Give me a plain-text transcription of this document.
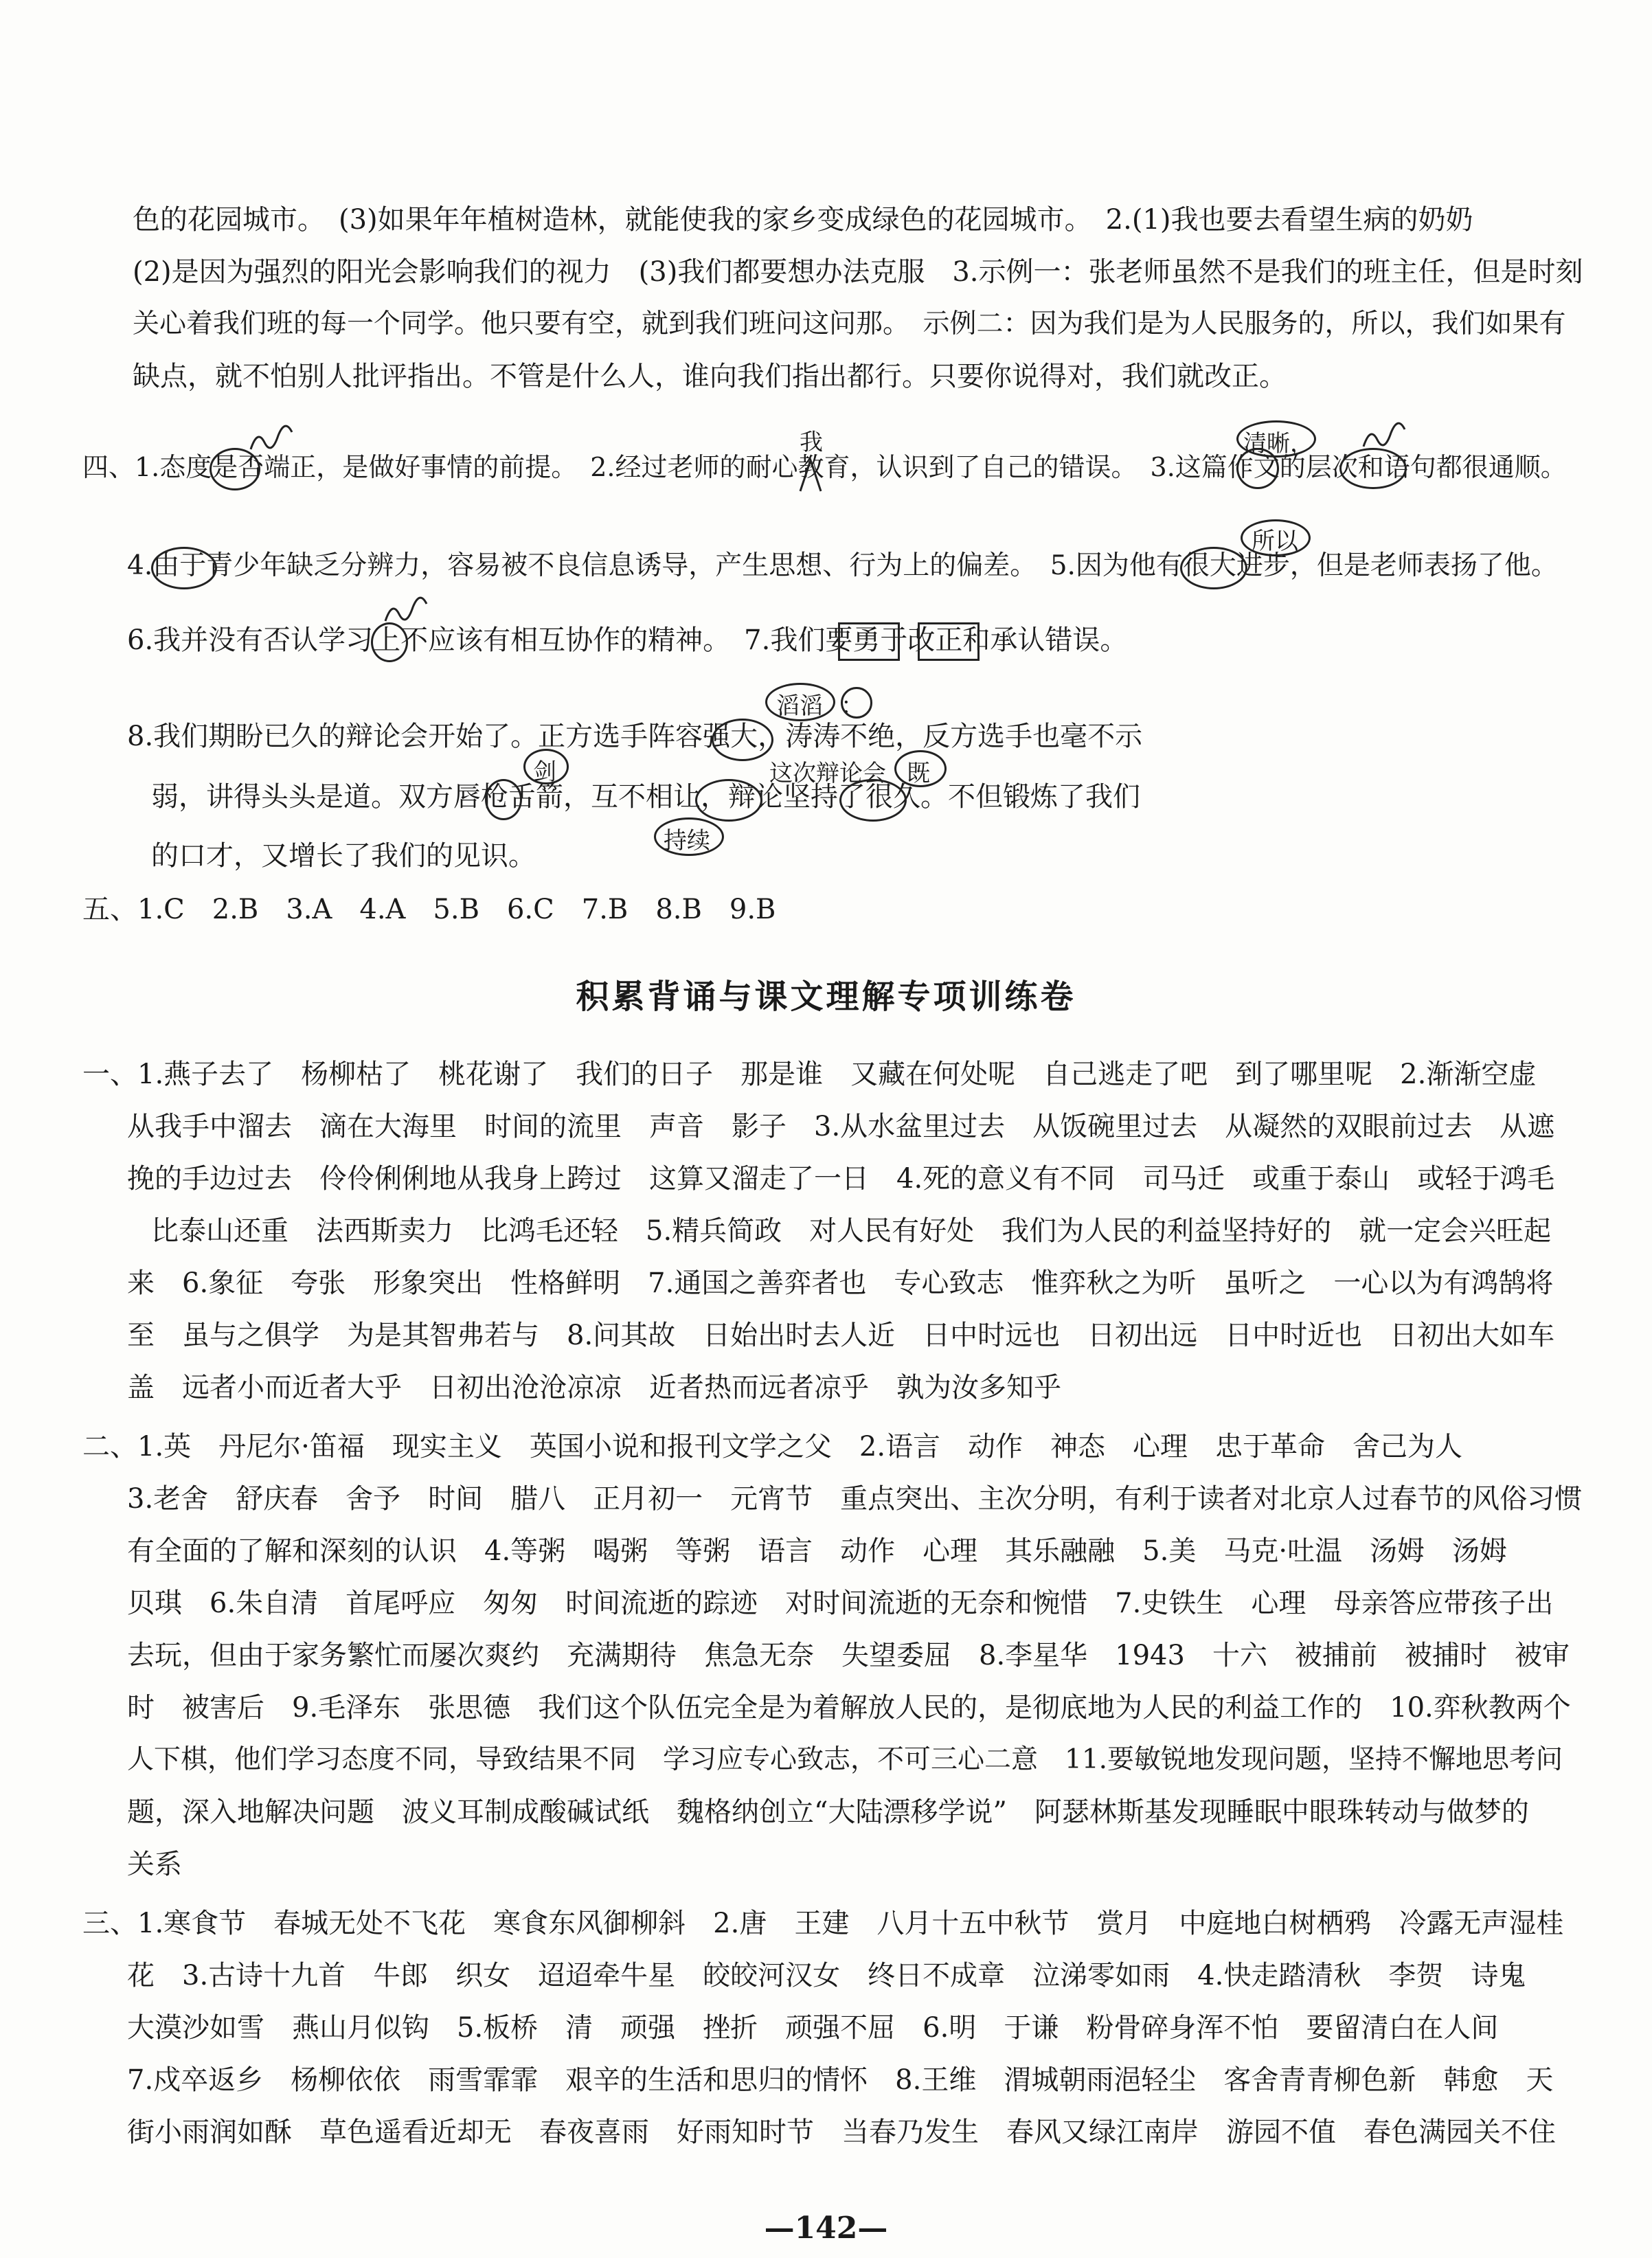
色的花园城市。　(3)如果年年植树造林，就能使我的家乡变成绿色的花园城市。　2.(1)我也要去看望生病的奶奶
(2)是因为强烈的阳光会影响我们的视力　(3)我们都要想办法克服　3.示例一：张老师虽然不是我们的班主任，但是时刻
关心着我们班的每一个同学。他只要有空，就到我们班问这问那。　示例二：因为我们是为人民服务的，所以，我们如果有
缺点，就不怕别人批评指出。不管是什么人，谁向我们指出都行。只要你说得对，我们就改正。
四、1.态度是否端正，是做好事情的前提。　2.经过老师的耐心教育，认识到了自己的错误。　3.这篇作文的层次和语句都很通顺。
4.由于青少年缺乏分辨力，容易被不良信息诱导，产生思想、行为上的偏差。　5.因为他有很大进步，但是老师表扬了他。
6.我并没有否认学习上不应该有相互协作的精神。　7.我们要勇于改正和承认错误。
8.我们期盼已久的辩论会开始了。正方选手阵容强大，涛涛不绝，反方选手也毫不示
弱，讲得头头是道。双方唇枪舌箭，互不相让，辩论坚持了很久。不但锻炼了我们
的口才，又增长了我们的见识。
我	清晰，
所以
滔滔 ：
剑	这次辩论会 既
持续
五、1.C　2.B　3.A　4.A　5.B　6.C　7.B　8.B　9.B
积累背诵与课文理解专项训练卷
一、1.燕子去了　杨柳枯了　桃花谢了　我们的日子　那是谁　又藏在何处呢　自己逃走了吧　到了哪里呢　2.渐渐空虚
从我手中溜去　滴在大海里　时间的流里　声音　影子　3.从水盆里过去　从饭碗里过去　从凝然的双眼前过去　从遮
挽的手边过去　伶伶俐俐地从我身上跨过　这算又溜走了一日　4.死的意义有不同　司马迁　或重于泰山　或轻于鸿毛
比泰山还重　法西斯卖力　比鸿毛还轻　5.精兵简政　对人民有好处　我们为人民的利益坚持好的　就一定会兴旺起
来　6.象征　夸张　形象突出　性格鲜明　7.通国之善弈者也　专心致志　惟弈秋之为听　虽听之　一心以为有鸿鹄将
至　虽与之俱学　为是其智弗若与　8.问其故　日始出时去人近　日中时远也　日初出远　日中时近也　日初出大如车
盖　远者小而近者大乎　日初出沧沧凉凉　近者热而远者凉乎　孰为汝多知乎
二、1.英　丹尼尔·笛福　现实主义　英国小说和报刊文学之父　2.语言　动作　神态　心理　忠于革命　舍己为人
3.老舍　舒庆春　舍予　时间　腊八　正月初一　元宵节　重点突出、主次分明，有利于读者对北京人过春节的风俗习惯
有全面的了解和深刻的认识　4.等粥　喝粥　等粥　语言　动作　心理　其乐融融　5.美　马克·吐温　汤姆　汤姆
贝琪　6.朱自清　首尾呼应　匆匆　时间流逝的踪迹　对时间流逝的无奈和惋惜　7.史铁生　心理　母亲答应带孩子出
去玩，但由于家务繁忙而屡次爽约　充满期待　焦急无奈　失望委屈　8.李星华　1943　十六　被捕前　被捕时　被审
时　被害后　9.毛泽东　张思德　我们这个队伍完全是为着解放人民的，是彻底地为人民的利益工作的　10.弈秋教两个
人下棋，他们学习态度不同，导致结果不同　学习应专心致志，不可三心二意　11.要敏锐地发现问题，坚持不懈地思考问
题，深入地解决问题　波义耳制成酸碱试纸　魏格纳创立“大陆漂移学说”　阿瑟林斯基发现睡眠中眼珠转动与做梦的
关系
三、1.寒食节　春城无处不飞花　寒食东风御柳斜　2.唐　王建　八月十五中秋节　赏月　中庭地白树栖鸦　冷露无声湿桂
花　3.古诗十九首　牛郎　织女　迢迢牵牛星　皎皎河汉女　终日不成章　泣涕零如雨　4.快走踏清秋　李贺　诗鬼
大漠沙如雪　燕山月似钩　5.板桥　清　顽强　挫折　顽强不屈　6.明　于谦　粉骨碎身浑不怕　要留清白在人间
7.戍卒返乡　杨柳依依　雨雪霏霏　艰辛的生活和思归的情怀　8.王维　渭城朝雨浥轻尘　客舍青青柳色新　韩愈　天
街小雨润如酥　草色遥看近却无　春夜喜雨　好雨知时节　当春乃发生　春风又绿江南岸　游园不值　春色满园关不住
—142—
